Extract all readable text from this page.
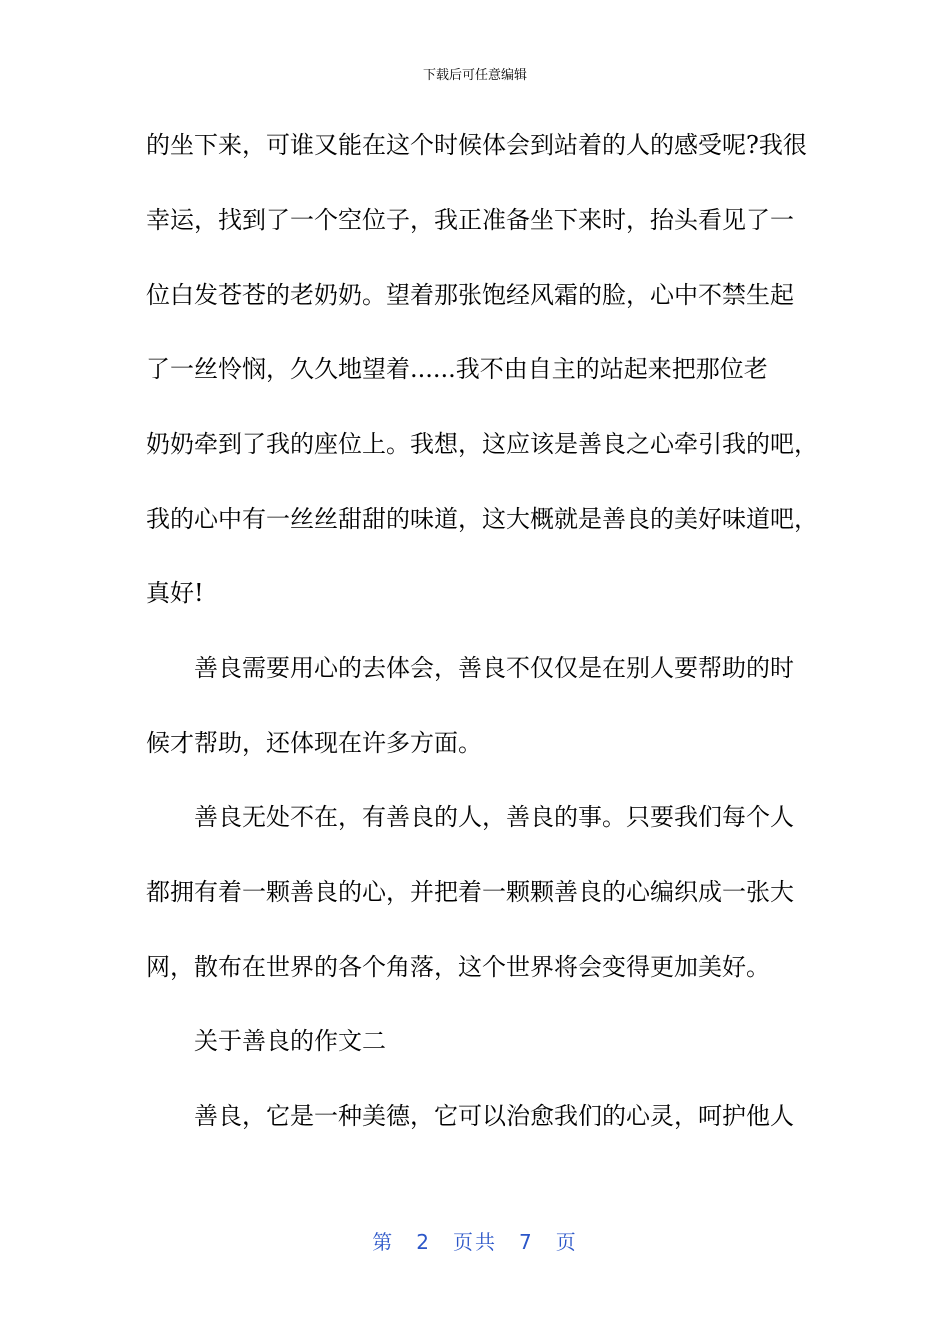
下载后可任意编辑
的坐下来，可谁又能在这个时候体会到站着的人的感受呢?我很
幸运，找到了一个空位子，我正准备坐下来时，抬头看见了一
位白发苍苍的老奶奶。望着那张饱经风霜的脸，心中不禁生起
了一丝怜悯，久久地望着......我不由自主的站起来把那位老
奶奶牵到了我的座位上。我想，这应该是善良之心牵引我的吧，
我的心中有一丝丝甜甜的味道，这大概就是善良的美好味道吧，
真好!
善良需要用心的去体会，善良不仅仅是在别人要帮助的时
候才帮助，还体现在许多方面。
善良无处不在，有善良的人，善良的事。只要我们每个人
都拥有着一颗善良的心，并把着一颗颗善良的心编织成一张大
网，散布在世界的各个角落，这个世界将会变得更加美好。
关于善良的作文二
善良，它是一种美德，它可以治愈我们的心灵，呵护他人
第 2 页共 7 页
